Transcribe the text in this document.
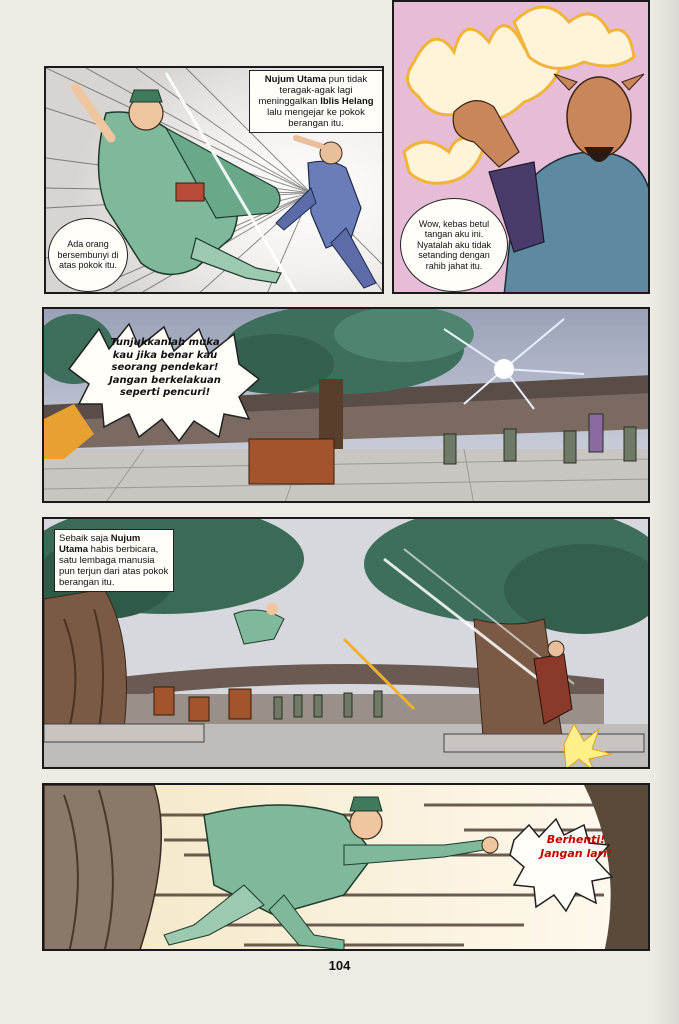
Nujum Utama pun tidak teragak-agak lagi meninggalkan Iblis Helang lalu mengejar ke pokok berangan itu.
Ada orang bersembunyi di atas pokok itu.
Wow, kebas betul tangan aku ini. Nyatalah aku tidak setanding dengan rahib jahat itu.
Tunjukkanlah muka kau jika benar kau seorang pendekar! Jangan berkelakuan seperti pencuri!
Sebaik saja Nujum Utama habis berbicara, satu lembaga manusia pun terjun dari atas pokok berangan itu.
Berhenti! Jangan lari!
104
